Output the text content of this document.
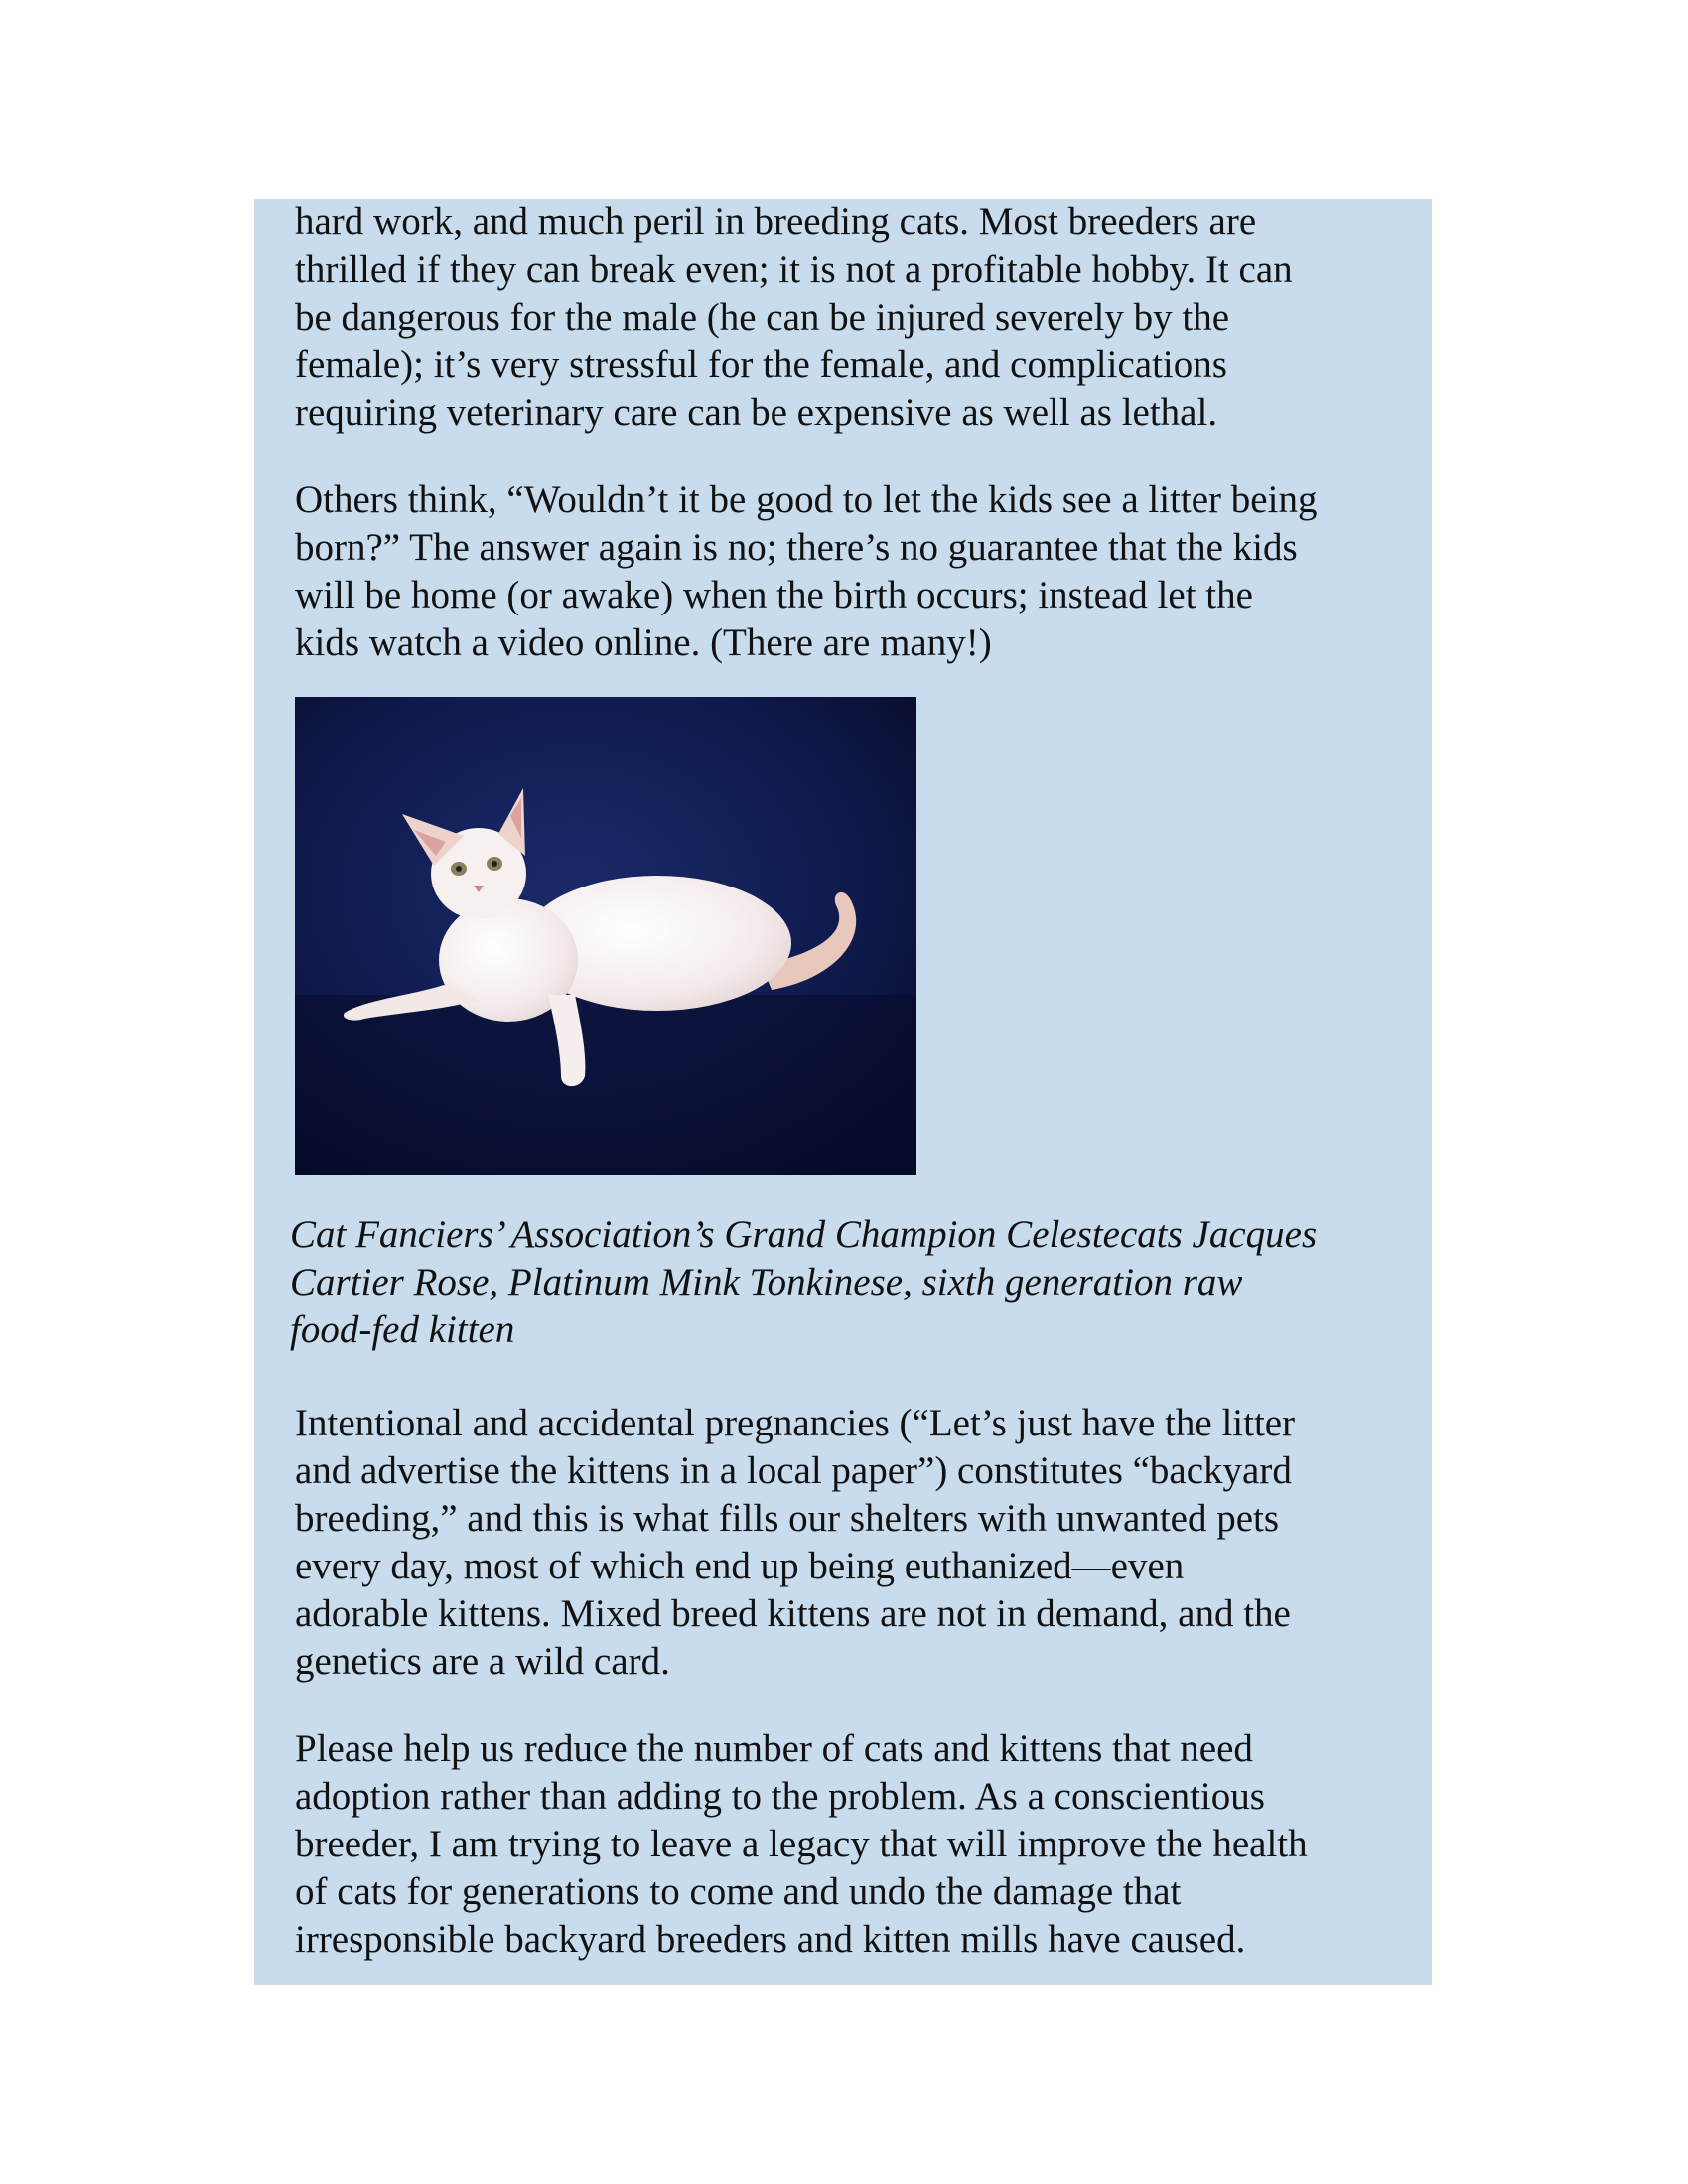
hard work, and much peril in breeding cats. Most breeders are
thrilled if they can break even; it is not a profitable hobby. It can
be dangerous for the male (he can be injured severely by the
female); it’s very stressful for the female, and complications
requiring veterinary care can be expensive as well as lethal.

Others think, “Wouldn’t it be good to let the kids see a litter being
born?” The answer again is no; there’s no guarantee that the kids
will be home (or awake) when the birth occurs; instead let the
kids watch a video online. (There are many!)

Cat Fanciers’ Association’s Grand Champion Celestecats Jacques
Cartier Rose, Platinum Mink Tonkinese, sixth generation raw
food-fed kitten

Intentional and accidental pregnancies (“Let’s just have the litter
and advertise the kittens in a local paper”) constitutes “backyard
breeding,” and this is what fills our shelters with unwanted pets
every day, most of which end up being euthanized—even
adorable kittens. Mixed breed kittens are not in demand, and the
genetics are a wild card.

Please help us reduce the number of cats and kittens that need
adoption rather than adding to the problem. As a conscientious
breeder, I am trying to leave a legacy that will improve the health
of cats for generations to come and undo the damage that
irresponsible backyard breeders and kitten mills have caused.
